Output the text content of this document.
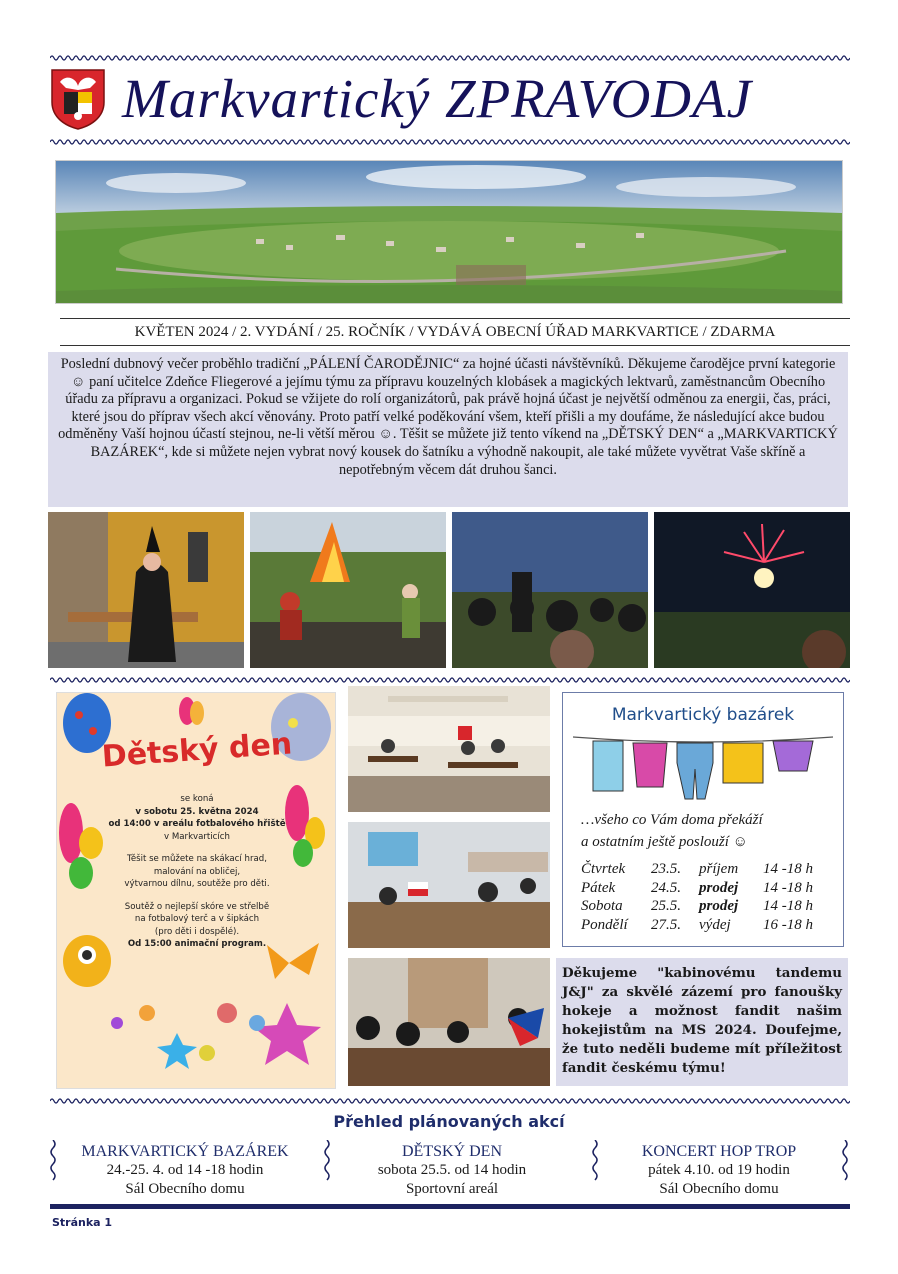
Markvartický ZPRAVODAJ
KVĚTEN 2024 / 2. VYDÁNÍ / 25. ROČNÍK / VYDÁVÁ OBECNÍ ÚŘAD MARKVARTICE / ZDARMA
Poslední dubnový večer proběhlo tradiční „PÁLENÍ ČARODĚJNIC“ za hojné účasti návštěvníků. Děkujeme čarodějce první kategorie ☺ paní učitelce Zdeňce Fliegerové a jejímu týmu za přípravu kouzelných klobásek a magických lektvarů, zaměstnancům Obecního úřadu za přípravu a organizaci. Pokud se vžijete do rolí organizátorů, pak právě hojná účast je největší odměnou za energii, čas, práci, které jsou do příprav všech akcí věnovány. Proto patří velké poděkování všem, kteří přišli a my doufáme, že následující akce budou odměněny Vaší hojnou účastí stejnou, ne-li větší měrou ☺. Těšit se můžete již tento víkend na „DĚTSKÝ DEN“ a „MARKVARTICKÝ BAZÁREK“, kde si můžete nejen vybrat nový kousek do šatníku a výhodně nakoupit, ale také můžete vyvětrat Vaše skříně a nepotřebným věcem dát druhou šanci.
Dětský den
se koná
v sobotu 25. května 2024
od 14:00 v areálu fotbalového hřiště
v Markvarticích
Těšit se můžete na skákací hrad,
malování na obličej,
výtvarnou dílnu, soutěže pro děti.
Soutěž o nejlepší skóre ve střelbě
na fotbalový terč a v šipkách
(pro děti i dospělé).
Od 15:00 animační program.
Markvartický bazárek
…všeho co Vám doma překáží
a ostatním ještě poslouží ☺
Čtvrtek 23.5. příjem 14 -18 h
Pátek 24.5. prodej 14 -18 h
Sobota 25.5. prodej 14 -18 h
Pondělí 27.5. výdej 16 -18 h
Děkujeme "kabinovému tandemu J&J" za skvělé zázemí pro fanoušky hokeje a možnost fandit našim hokejistům na MS 2024. Doufejme, že tuto neděli budeme mít příležitost fandit českému týmu!
Přehled plánovaných akcí
MARKVARTICKÝ BAZÁREK
24.-25. 4. od 14 -18 hodin
Sál Obecního domu
DĚTSKÝ DEN
sobota 25.5. od 14 hodin
Sportovní areál
KONCERT HOP TROP
pátek 4.10. od 19 hodin
Sál Obecního domu
Stránka 1
